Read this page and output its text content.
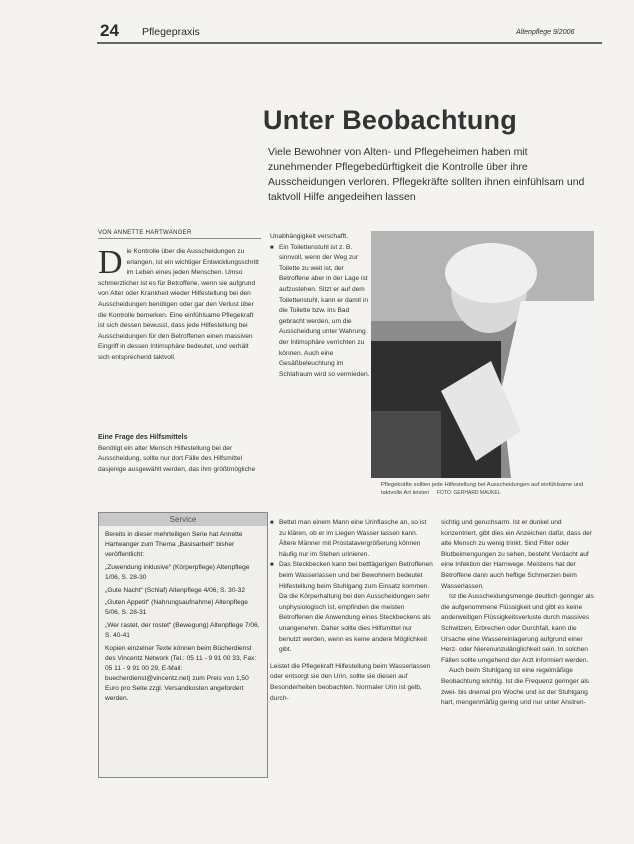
24 Pflegepraxis	Altenpflege 9/2006
Unter Beobachtung
Viele Bewohner von Alten- und Pflegeheimen haben mit zunehmender Pflegebedürftigkeit die Kontrolle über ihre Ausscheidungen verloren. Pflegekräfte sollten ihnen einfühlsam und taktvoll Hilfe angedeihen lassen
VON ANNETTE HARTWANGER
Die Kontrolle über die Ausscheidungen zu erlangen, ist ein wichtiger Entwicklungsschritt im Leben eines jeden Menschen. Umso schmerzlicher ist es für Betroffene, wenn sie aufgrund von Alter oder Krankheit wieder Hilfestellung bei den Ausscheidungen benötigen oder gar den Verlust über die Kontrolle bemerken. Eine einfühlsame Pflegekraft ist sich dessen bewusst, dass jede Hilfestellung bei Ausscheidungen für den Betroffenen einen massiven Eingriff in dessen Intimsphäre bedeutet, und verhält sich entsprechend taktvoll.

Eine Frage des Hilfsmittels

Benötigt ein alter Mensch Hilfestellung bei der Ausscheidung, sollte nur dort Fälle des Hilfsmittel dasjenige ausgewählt werden, das ihm größtmögliche

Service

Bereits in dieser mehrteiligen Serie hat Annette Hartwanger zum Thema „Basisarbeit“ bisher veröffentlicht:

„Zuwendung inklusive“ (Körperpflege) Altenpflege 1/06, S. 28-30

„Gute Nacht“ (Schlaf) Altenpflege 4/06, S. 30-32

„Guten Appetit“ (Nahrungsaufnahme) Altenpflege 5/06, S. 28-31

„Wer rastet, der rostet“ (Bewegung) Altenpflege 7/06, S. 40-41

Kopien einzelner Texte können beim Bücherdienst des Vincentz Network (Tel.: 05 11 - 9 91 00 33, Fax: 05 11 - 9 91 00 29, E-Mail: buecherdienst@vincentz.net) zum Preis von 1,50 Euro pro Seite zzgl. Versandkosten angefordert werden.

Unabhängigkeit verschafft.

■ Ein Toilettenstuhl ist z. B. sinnvoll, wenn der Weg zur Toilette zu weit ist, der Betroffene aber in der Lage ist aufzustehen. Sitzt er auf dem Toilettenstuhl, kann er damit in die Toilette bzw. ins Bad gebracht werden, um die Ausscheidung unter Wahrung der Intimsphäre verrichten zu können. Auch eine Gesäßbeleuchtung im Schlafraum wird so vermieden.
Pflegekräfte sollten jede Hilfestellung bei Ausscheidungen auf einfühlsame und taktvolle Art leisten FOTO: GERHARD MAUKEL
■ Bettet man einem Mann eine Urinflasche an, so ist zu klären, ob er im Liegen Wasser lassen kann. Ältere Männer mit Prostatavergrößerung können häufig nur im Stehen urinieren.
■ Das Steckbecken kann bei bettlägerigen Betroffenen beim Wasserlassen und bei Bewohnern bedeutet Hilfestellung beim Stuhlgang zum Einsatz kommen. Da die Körperhaltung bei den Ausscheidungen sehr unphysiologisch ist, empfinden die meisten Betroffenen die Anwendung eines Steckbeckens als unangenehm. Daher sollte dies Hilfsmittel nur benutzt werden, wenn es keine andere Möglichkeit gibt.

Leistet die Pflegekraft Hilfestellung beim Wasserlassen oder entsorgt sie den Urin, sollte sie diesen auf Besonderheiten beobachten. Normaler Urin ist gelb, durch-

sichtig und geruchsarm. Ist er dunkel und konzentriert, gibt dies ein Anzeichen dafür, dass der alte Mensch zu wenig trinkt. Sind Filter oder Blutbeimengungen zu sehen, besteht Verdacht auf eine Infektion der Harnwege. Meistens hat der Betroffene dann auch heftige Schmerzen beim Wasserlassen.

Ist die Ausscheidungsmenge deutlich geringer als die aufgenommene Flüssigkeit und gibt es keine anderweitigen Flüssigkeitsverluste durch massives Schwitzen, Erbrechen oder Durchfall, kann die Ursache eine Wassereinlagerung aufgrund einer Herz- oder Nierenunzulänglichkeit sein. In solchen Fällen sollte umgehend der Arzt informiert werden.

Auch beim Stuhlgang ist eine regelmäßige Beobachtung wichtig. Ist die Frequenz geringer als zwei- bis dreimal pro Woche und ist der Stuhlgang hart, mengenmäßig gering und nur unter Anstren-
